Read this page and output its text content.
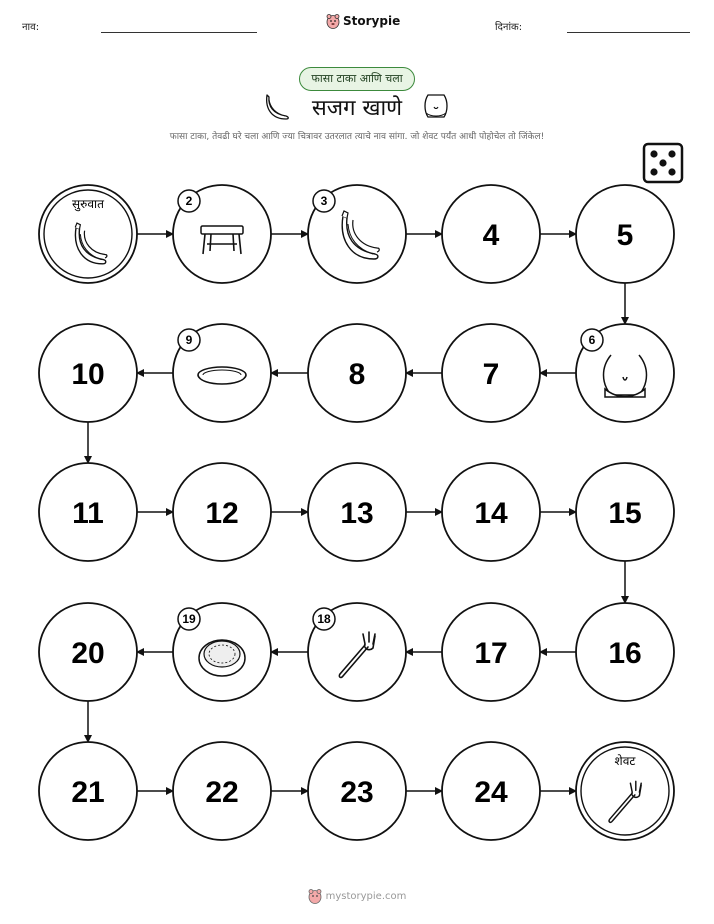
नाव:	Storypie	दिनांक:
फासा टाका आणि चला
सजग खाणे
फासा टाका, तेवढी घरे चला आणि ज्या चित्रावर उतरलात त्याचे नाव सांगा. जो शेवट पर्यंत आधी पोहोचेल तो जिंकेल!
सुरुवात	2	3
4	5
6
7
8
9
10
11	12	13	14	15
16
17
18
19
20
21	22	23	24
शेवट
mystorypie.com
